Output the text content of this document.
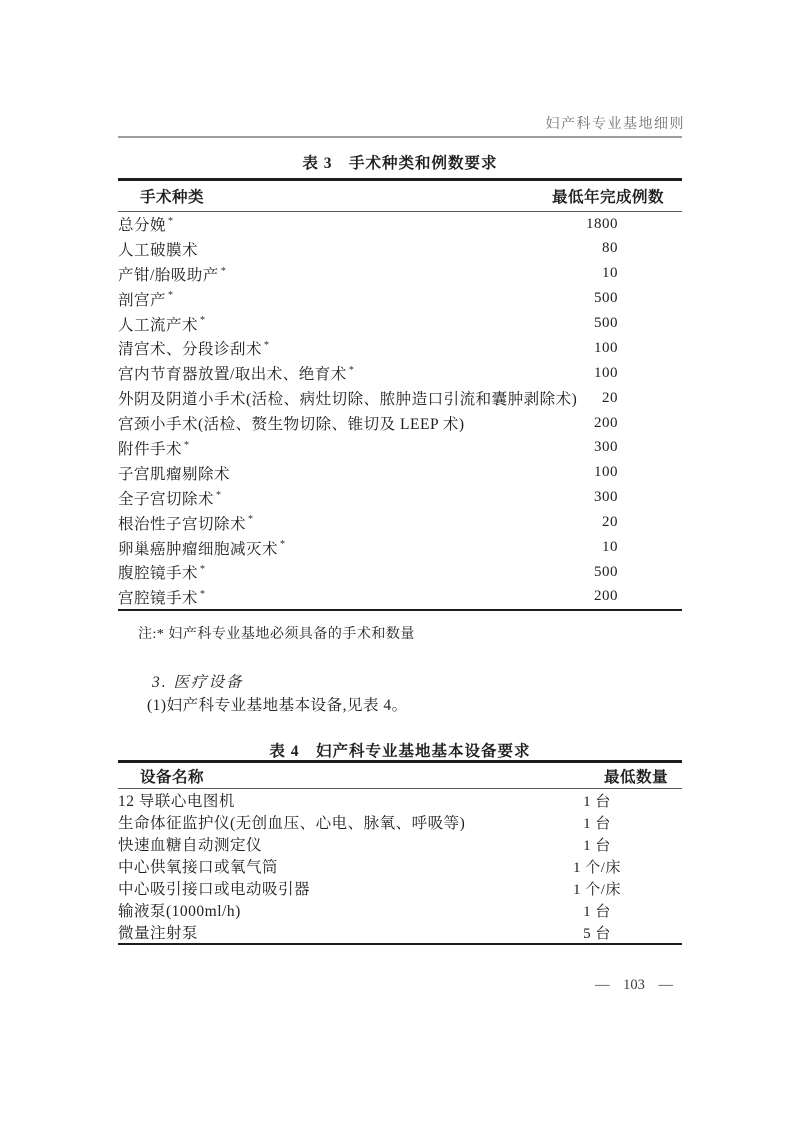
妇产科专业基地细则
表 3 手术种类和例数要求
手术种类	最低年完成例数
总分娩 *	1800
人工破膜术	80
产钳/胎吸助产 *	10
剖宫产 *	500
人工流产术 *	500
清宫术、分段诊刮术 *	100
宫内节育器放置/取出术、绝育术 *	100
外阴及阴道小手术(活检、病灶切除、脓肿造口引流和囊肿剥除术)	20
宫颈小手术(活检、赘生物切除、锥切及 LEEP 术)	200
附件手术 *	300
子宫肌瘤剔除术	100
全子宫切除术 *	300
根治性子宫切除术 *	20
卵巢癌肿瘤细胞减灭术 *	10
腹腔镜手术 *	500
宫腔镜手术 *	200
注:* 妇产科专业基地必须具备的手术和数量
3. 医疗设备
(1)妇产科专业基地基本设备,见表 4。
表 4 妇产科专业基地基本设备要求
设备名称	最低数量
12 导联心电图机	1 台
生命体征监护仪(无创血压、心电、脉氧、呼吸等)	1 台
快速血糖自动测定仪	1 台
中心供氧接口或氧气筒	1 个/床
中心吸引接口或电动吸引器	1 个/床
输液泵(1000ml/h)	1 台
微量注射泵	5 台
— 103 —
